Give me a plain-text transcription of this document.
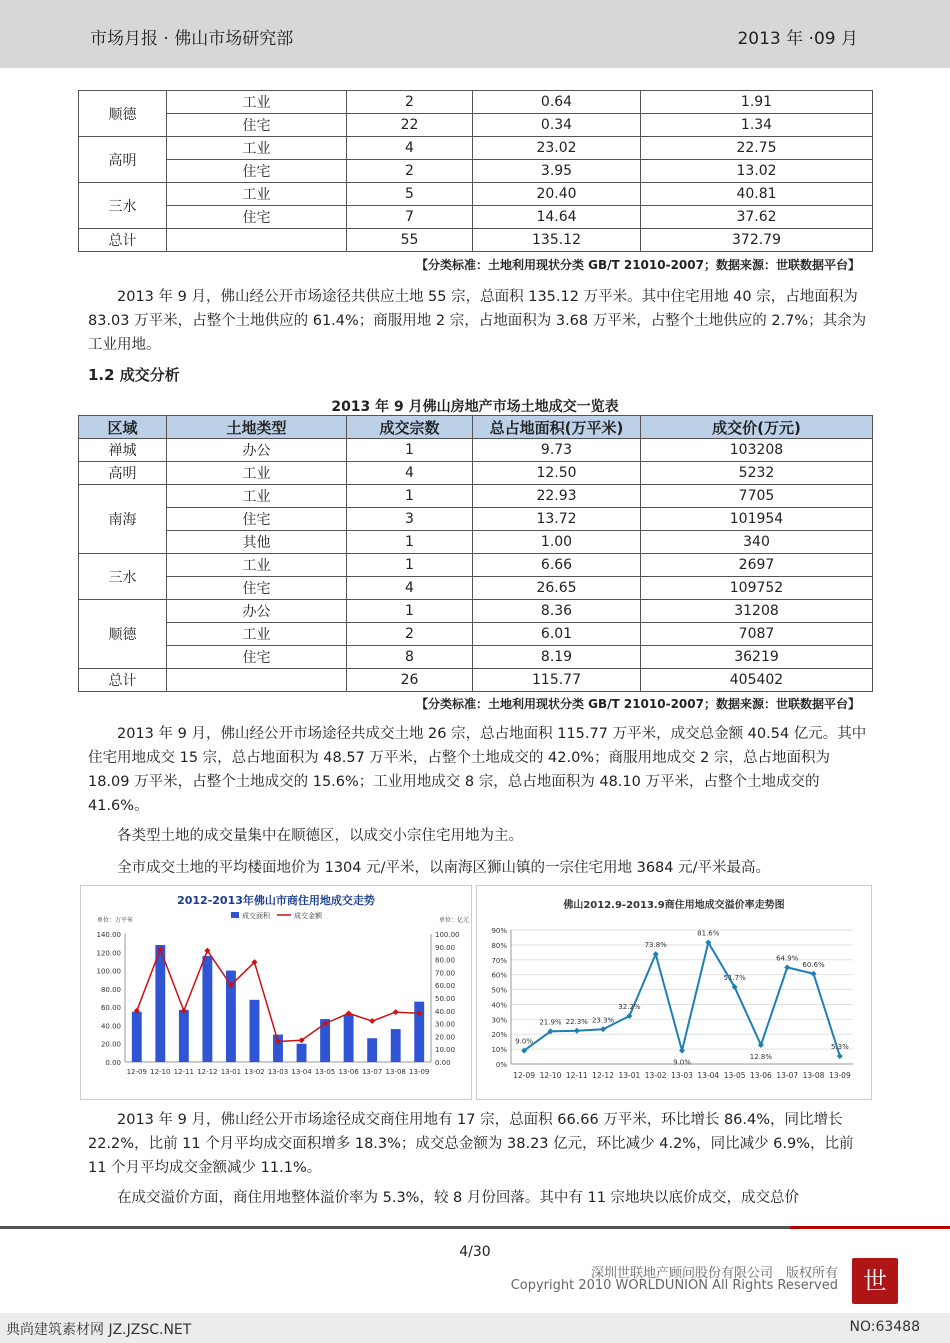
市场月报 · 佛山市场研究部	2013 年 ·09 月
顺德	工业	2	0.64	1.91
	住宅	22	0.34	1.34
高明	工业	4	23.02	22.75
	住宅	2	3.95	13.02
三水	工业	5	20.40	40.81
	住宅	7	14.64	37.62
总计		55	135.12	372.79
【分类标准：土地利用现状分类 GB/T 21010-2007；数据来源：世联数据平台】

2013 年 9 月，佛山经公开市场途径共供应土地 55 宗，总面积 135.12 万平米。其中住宅用地 40 宗，占地面积为 83.03 万平米，占整个土地供应的 61.4%；商服用地 2 宗，占地面积为 3.68 万平米，占整个土地供应的 2.7%；其余为工业用地。

1.2 成交分析
2013 年 9 月佛山房地产市场土地成交一览表
区域	土地类型	成交宗数	总占地面积(万平米)	成交价(万元)
禅城	办公	1	9.73	103208
高明	工业	4	12.50	5232
南海	工业	1	22.93	7705
	住宅	3	13.72	101954
	其他	1	1.00	340
三水	工业	1	6.66	2697
	住宅	4	26.65	109752
顺德	办公	1	8.36	31208
	工业	2	6.01	7087
	住宅	8	8.19	36219
总计		26	115.77	405402
【分类标准：土地利用现状分类 GB/T 21010-2007；数据来源：世联数据平台】

2013 年 9 月，佛山经公开市场途径共成交土地 26 宗，总占地面积 115.77 万平米，成交总金额 40.54 亿元。其中住宅用地成交 15 宗，总占地面积为 48.57 万平米，占整个土地成交的 42.0%；商服用地成交 2 宗，总占地面积为 18.09 万平米，占整个土地成交的 15.6%；工业用地成交 8 宗，总占地面积为 48.10 万平米，占整个土地成交的 41.6%。

各类型土地的成交量集中在顺德区，以成交小宗住宅用地为主。

全市成交土地的平均楼面地价为 1304 元/平米，以南海区狮山镇的一宗住宅用地 3684 元/平米最高。

2012-2013年佛山市商住用地成交走势
成交面积	成交金额
单位：万平米	单位：亿元
0.00
20.00
40.00
60.00
80.00
100.00
120.00
140.00
0.00
10.00
20.00
30.00
40.00
50.00
60.00
70.00
80.00
90.00
100.00
12-09 12-10 12-11 12-12 13-01 13-02 13-03 13-04 13-05 13-06 13-07 13-08 13-09
佛山2012.9-2013.9商住用地成交溢价率走势图
0%
10%
20%
30%
40%
50%
60%
70%
80%
90%
12-09 12-10 12-11 12-12 13-01 13-02 13-03 13-04 13-05 13-06 13-07 13-08 13-09
9.0%
21.9% 22.3% 23.3%
32.2%
73.8%
9.0%
81.6%
51.7%
12.8%
64.9%
60.6%
5.3%

2013 年 9 月，佛山经公开市场途径成交商住用地有 17 宗，总面积 66.66 万平米，环比增长 86.4%，同比增长 22.2%，比前 11 个月平均成交面积增多 18.3%；成交总金额为 38.23 亿元，环比减少 4.2%，同比减少 6.9%，比前 11 个月平均成交金额减少 11.1%。

在成交溢价方面，商住用地整体溢价率为 5.3%，较 8 月份回落。其中有 11 宗地块以底价成交，成交总价

4/30
深圳世联地产顾问股份有限公司　版权所有
Copyright 2010 WORLDUNION All Rights Reserved	世
典尚建筑素材网 JZ.JZSC.NET	NO:63488
